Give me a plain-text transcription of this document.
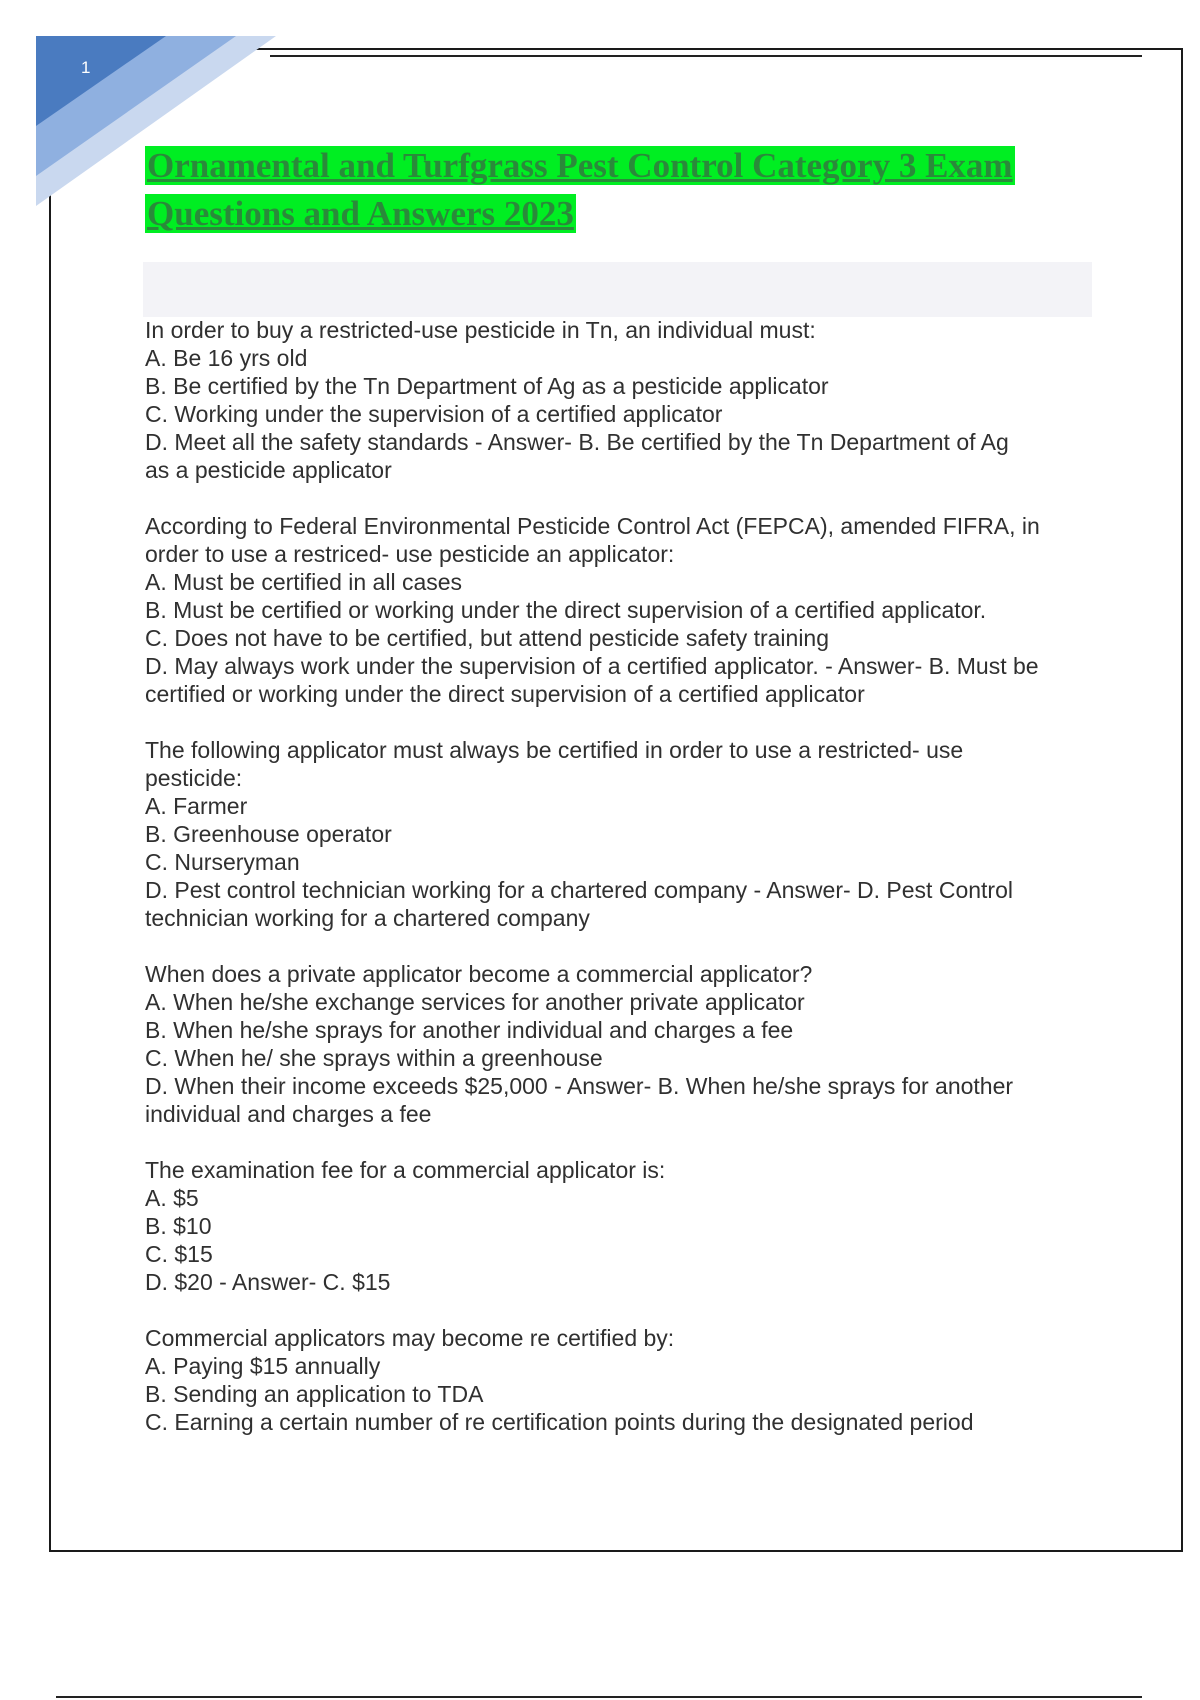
1
Ornamental and Turfgrass Pest Control Category 3 Exam
Questions and Answers 2023
In order to buy a restricted-use pesticide in Tn, an individual must:
A. Be 16 yrs old
B. Be certified by the Tn Department of Ag as a pesticide applicator
C. Working under the supervision of a certified applicator
D. Meet all the safety standards - Answer- B. Be certified by the Tn Department of Ag
as a pesticide applicator
According to Federal Environmental Pesticide Control Act (FEPCA), amended FIFRA, in
order to use a restriced- use pesticide an applicator:
A. Must be certified in all cases
B. Must be certified or working under the direct supervision of a certified applicator.
C. Does not have to be certified, but attend pesticide safety training
D. May always work under the supervision of a certified applicator. - Answer- B. Must be
certified or working under the direct supervision of a certified applicator
The following applicator must always be certified in order to use a restricted- use
pesticide:
A. Farmer
B. Greenhouse operator
C. Nurseryman
D. Pest control technician working for a chartered company - Answer- D. Pest Control
technician working for a chartered company
When does a private applicator become a commercial applicator?
A. When he/she exchange services for another private applicator
B. When he/she sprays for another individual and charges a fee
C. When he/ she sprays within a greenhouse
D. When their income exceeds $25,000 - Answer- B. When he/she sprays for another
individual and charges a fee
The examination fee for a commercial applicator is:
A. $5
B. $10
C. $15
D. $20 - Answer- C. $15
Commercial applicators may become re certified by:
A. Paying $15 annually
B. Sending an application to TDA
C. Earning a certain number of re certification points during the designated period
